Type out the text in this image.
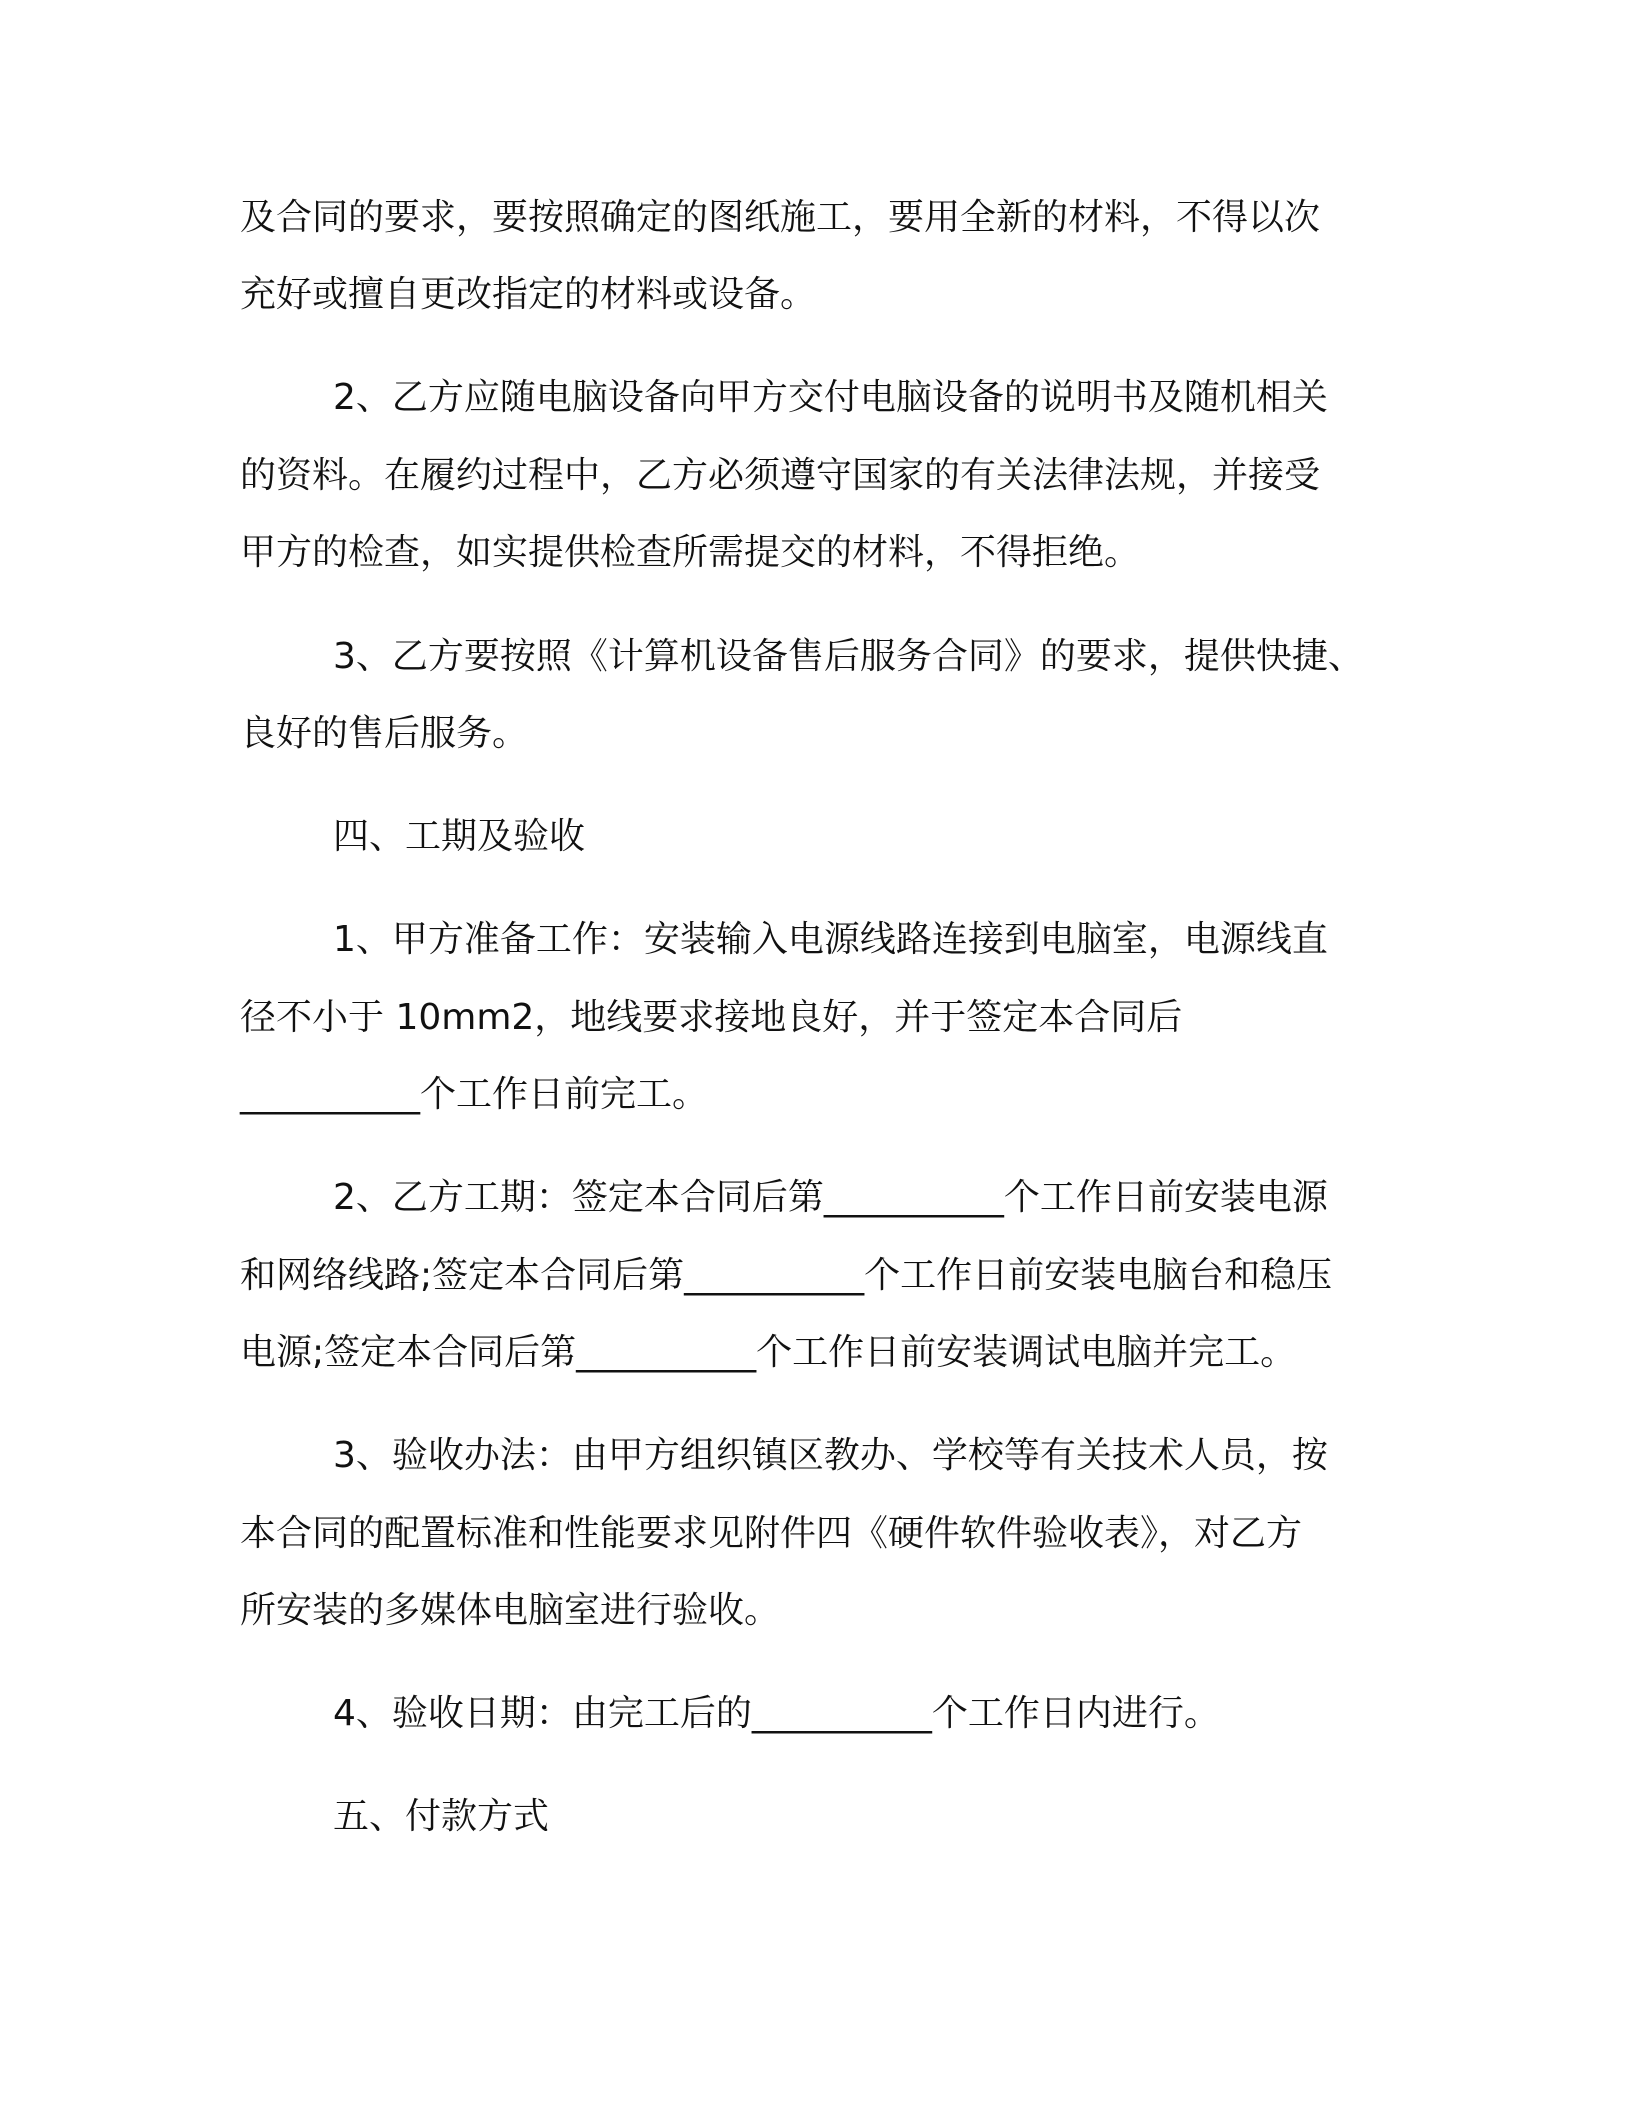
及合同的要求，要按照确定的图纸施工，要用全新的材料，不得以次
充好或擅自更改指定的材料或设备。
2、乙方应随电脑设备向甲方交付电脑设备的说明书及随机相关
的资料。在履约过程中，乙方必须遵守国家的有关法律法规，并接受
甲方的检查，如实提供检查所需提交的材料，不得拒绝。
3、乙方要按照《计算机设备售后服务合同》的要求，提供快捷、
良好的售后服务。
四、工期及验收
1、甲方准备工作：安装输入电源线路连接到电脑室，电源线直
径不小于 10mm2，地线要求接地良好，并于签定本合同后
__________个工作日前完工。
2、乙方工期：签定本合同后第__________个工作日前安装电源
和网络线路;签定本合同后第__________个工作日前安装电脑台和稳压
电源;签定本合同后第__________个工作日前安装调试电脑并完工。
3、验收办法：由甲方组织镇区教办、学校等有关技术人员，按
本合同的配置标准和性能要求见附件四《硬件软件验收表》，对乙方
所安装的多媒体电脑室进行验收。
4、验收日期：由完工后的__________个工作日内进行。
五、付款方式
